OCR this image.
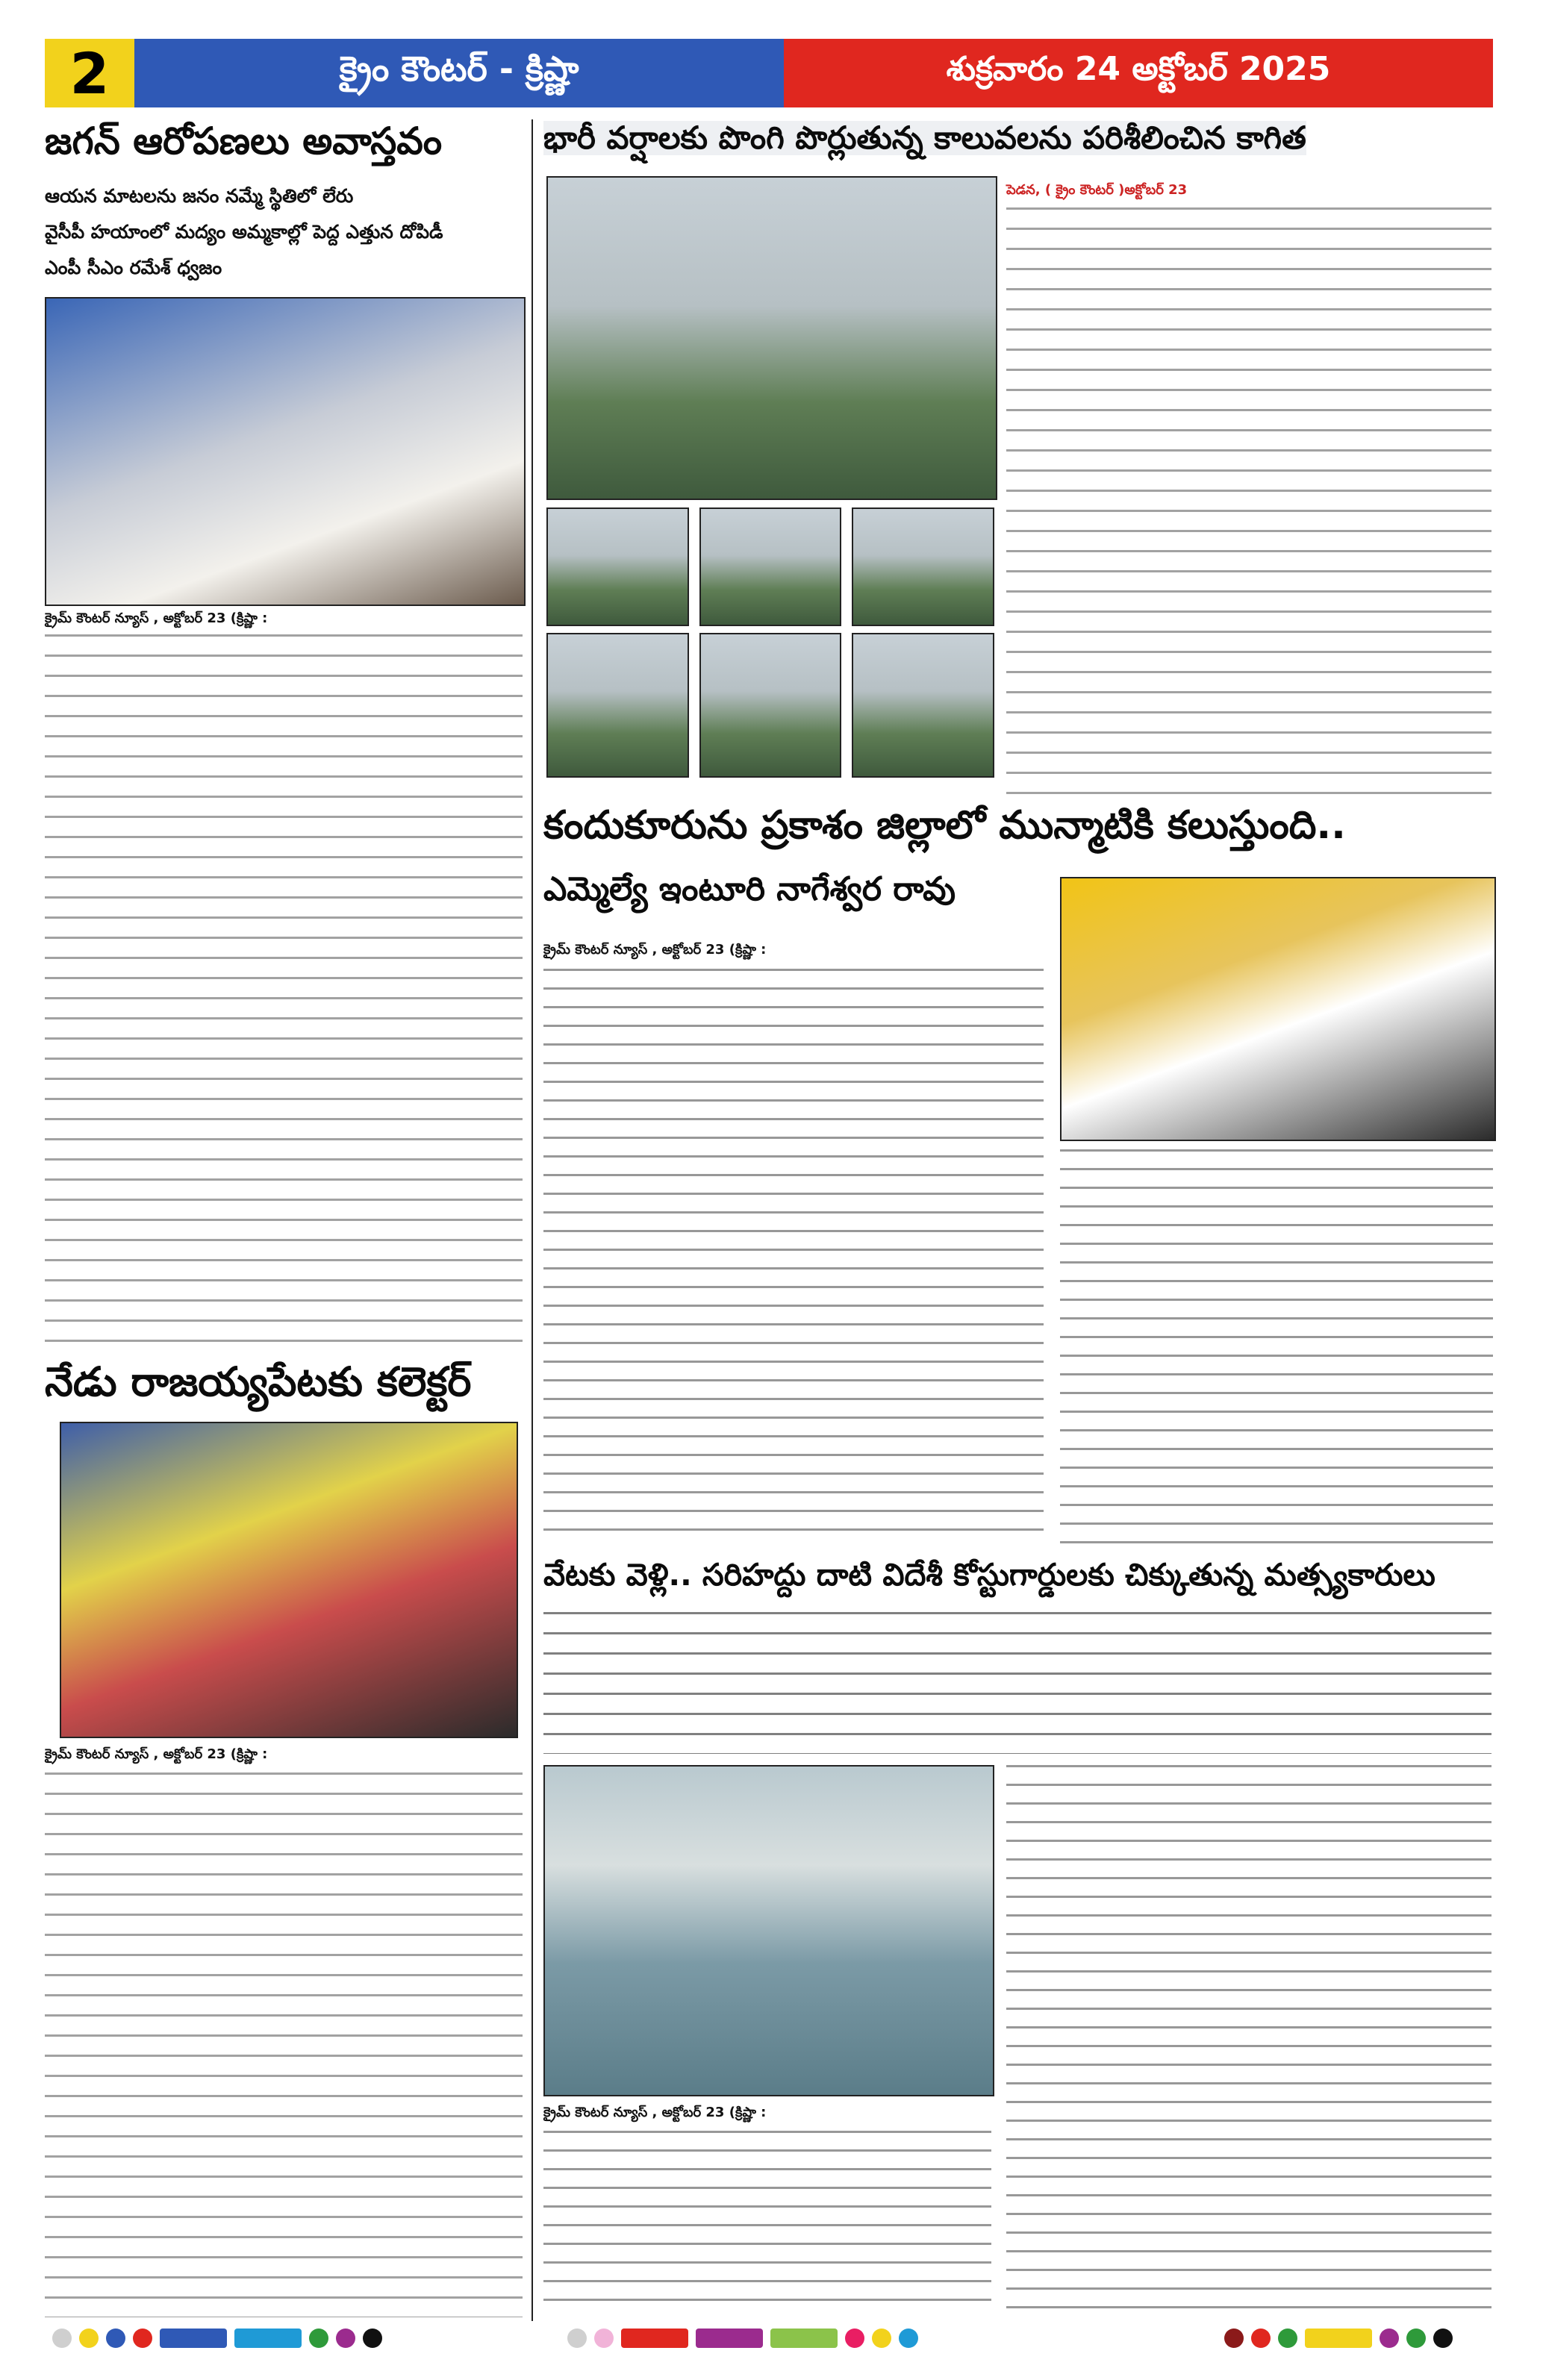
2	క్రైం కౌంటర్ - క్రిష్ణా	శుక్రవారం 24 అక్టోబర్ 2025
జగన్ ఆరోపణలు అవాస్తవం
ఆయన మాటలను జనం నమ్మే స్థితిలో లేరు
వైసీపీ హయాంలో మద్యం అమ్మకాల్లో పెద్ద ఎత్తున దోపిడీ
ఎంపీ సీఎం రమేశ్ ధ్వజం
క్రైమ్ కౌంటర్ న్యూస్ , అక్టోబర్ 23 (క్రిష్ణా :
నేడు రాజయ్యపేటకు కలెక్టర్
క్రైమ్ కౌంటర్ న్యూస్ , అక్టోబర్ 23 (క్రిష్ణా :
భారీ వర్షాలకు పొంగి పొర్లుతున్న కాలువలను పరిశీలించిన కాగిత
పెడన, ( క్రైం కౌంటర్ )అక్టోబర్ 23
కందుకూరును ప్రకాశం జిల్లాలో మున్మాటికి కలుస్తుంది..
ఎమ్మెల్యే ఇంటూరి నాగేశ్వర రావు
క్రైమ్ కౌంటర్ న్యూస్ , అక్టోబర్ 23 (క్రిష్ణా :
వేటకు వెళ్లి.. సరిహద్దు దాటి విదేశీ కోస్టుగార్డులకు చిక్కుతున్న మత్స్యకారులు
క్రైమ్ కౌంటర్ న్యూస్ , అక్టోబర్ 23 (క్రిష్ణా :
